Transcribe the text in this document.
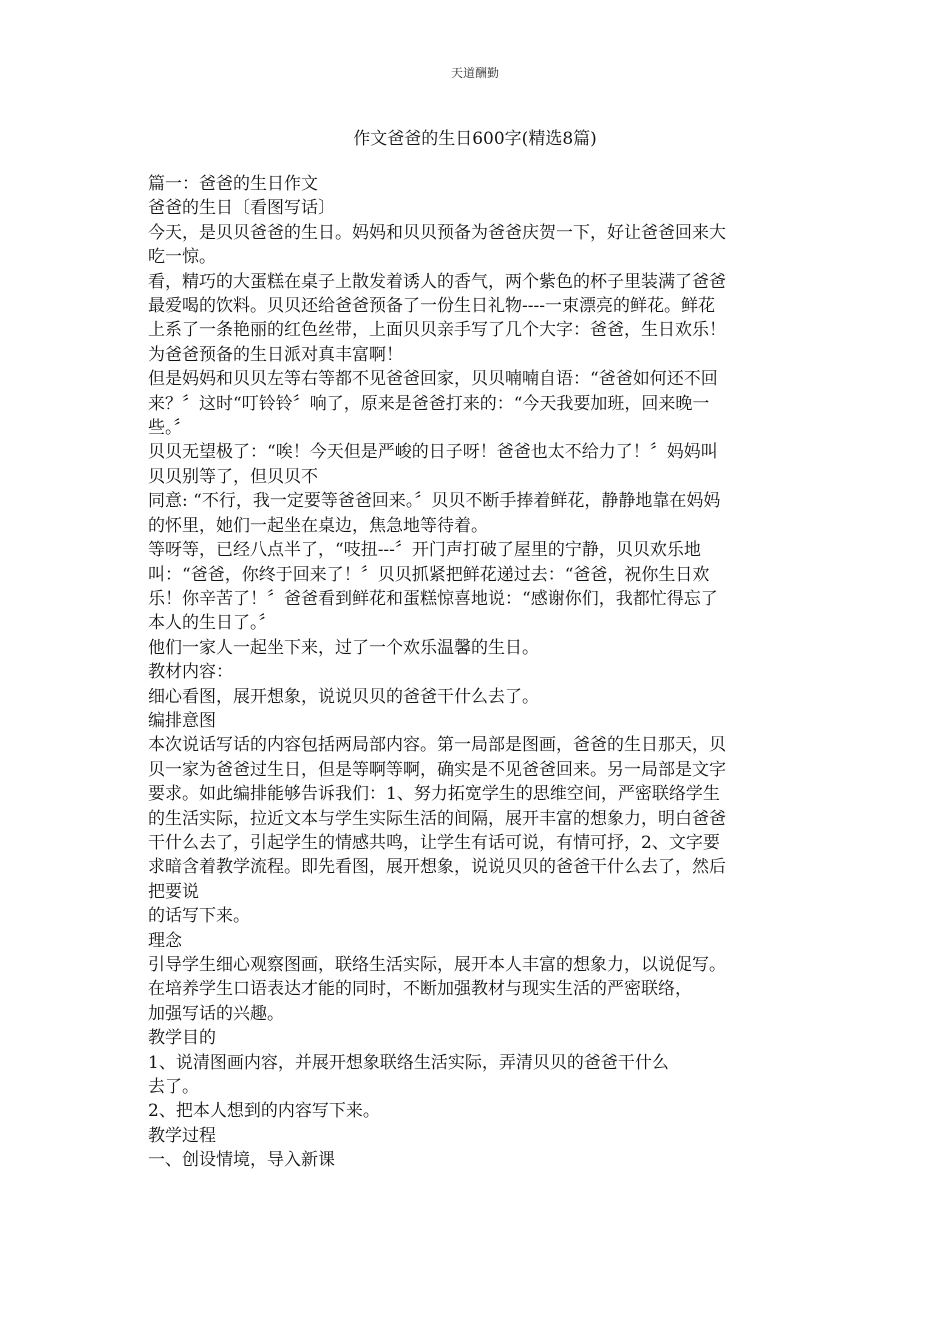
天道酬勤
作文爸爸的生日600字(精选8篇)

篇一：爸爸的生日作文

爸爸的生日〔看图写话〕

今天，是贝贝爸爸的生日。妈妈和贝贝预备为爸爸庆贺一下，好让爸爸回来大

吃一惊。

看，精巧的大蛋糕在桌子上散发着诱人的香气，两个紫色的杯子里装满了爸爸

最爱喝的饮料。贝贝还给爸爸预备了一份生日礼物----一束漂亮的鲜花。鲜花

上系了一条艳丽的红色丝带，上面贝贝亲手写了几个大字：爸爸，生日欢乐！

为爸爸预备的生日派对真丰富啊！

但是妈妈和贝贝左等右等都不见爸爸回家，贝贝喃喃自语：“爸爸如何还不回

来？〞这时“叮铃铃〞响了，原来是爸爸打来的：“今天我要加班，回来晚一

些。〞

贝贝无望极了：“唉！今天但是严峻的日子呀！爸爸也太不给力了！〞妈妈叫

贝贝别等了，但贝贝不

同意: “不行，我一定要等爸爸回来。〞贝贝不断手捧着鲜花，静静地靠在妈妈

的怀里，她们一起坐在桌边，焦急地等待着。

等呀等，已经八点半了，“吱扭---〞开门声打破了屋里的宁静，贝贝欢乐地

叫：“爸爸，你终于回来了！〞贝贝抓紧把鲜花递过去：“爸爸，祝你生日欢

乐！你辛苦了！〞爸爸看到鲜花和蛋糕惊喜地说：“感谢你们，我都忙得忘了

本人的生日了。〞

他们一家人一起坐下来，过了一个欢乐温馨的生日。

教材内容：

细心看图，展开想象，说说贝贝的爸爸干什么去了。

编排意图

本次说话写话的内容包括两局部内容。第一局部是图画，爸爸的生日那天，贝

贝一家为爸爸过生日，但是等啊等啊，确实是不见爸爸回来。另一局部是文字

要求。如此编排能够告诉我们：1、努力拓宽学生的思维空间，严密联络学生

的生活实际，拉近文本与学生实际生活的间隔，展开丰富的想象力，明白爸爸

干什么去了，引起学生的情感共鸣，让学生有话可说，有情可抒，2、文字要

求暗含着教学流程。即先看图，展开想象，说说贝贝的爸爸干什么去了，然后

把要说

的话写下来。

理念

引导学生细心观察图画，联络生活实际，展开本人丰富的想象力，以说促写。

在培养学生口语表达才能的同时，不断加强教材与现实生活的严密联络，

加强写话的兴趣。

教学目的

1、说清图画内容，并展开想象联络生活实际，弄清贝贝的爸爸干什么

去了。

2、把本人想到的内容写下来。

教学过程

一、创设情境，导入新课
